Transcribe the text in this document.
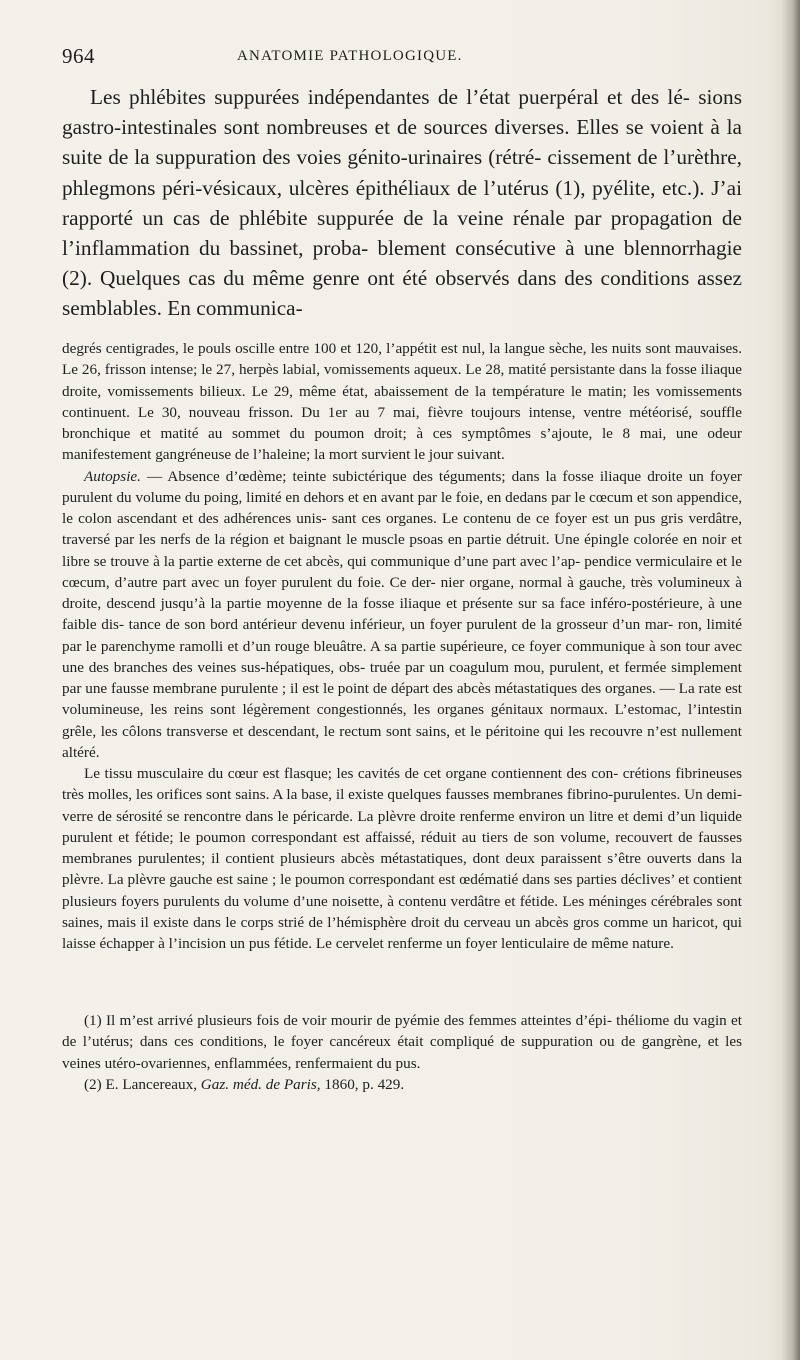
964	ANATOMIE PATHOLOGIQUE.

Les phlébites suppurées indépendantes de l’état puerpéral et des lé- sions gastro-intestinales sont nombreuses et de sources diverses. Elles se voient à la suite de la suppuration des voies génito-urinaires (rétré- cissement de l’urèthre, phlegmons péri-vésicaux, ulcères épithéliaux de l’utérus (1), pyélite, etc.). J’ai rapporté un cas de phlébite suppurée de la veine rénale par propagation de l’inflammation du bassinet, proba- blement consécutive à une blennorrhagie (2). Quelques cas du même genre ont été observés dans des conditions assez semblables. En communica-

degrés centigrades, le pouls oscille entre 100 et 120, l’appétit est nul, la langue sèche, les nuits sont mauvaises. Le 26, frisson intense; le 27, herpès labial, vomissements aqueux. Le 28, matité persistante dans la fosse iliaque droite, vomissements bilieux. Le 29, même état, abaissement de la température le matin; les vomissements continuent. Le 30, nouveau frisson. Du 1er au 7 mai, fièvre toujours intense, ventre météorisé, souffle bronchique et matité au sommet du poumon droit; à ces symptômes s’ajoute, le 8 mai, une odeur manifestement gangréneuse de l’haleine; la mort survient le jour suivant.

Autopsie. — Absence d’œdème; teinte subictérique des téguments; dans la fosse iliaque droite un foyer purulent du volume du poing, limité en dehors et en avant par le foie, en dedans par le cœcum et son appendice, le colon ascendant et des adhérences unis- sant ces organes. Le contenu de ce foyer est un pus gris verdâtre, traversé par les nerfs de la région et baignant le muscle psoas en partie détruit. Une épingle colorée en noir et libre se trouve à la partie externe de cet abcès, qui communique d’une part avec l’ap- pendice vermiculaire et le cœcum, d’autre part avec un foyer purulent du foie. Ce der- nier organe, normal à gauche, très volumineux à droite, descend jusqu’à la partie moyenne de la fosse iliaque et présente sur sa face inféro-postérieure, à une faible dis- tance de son bord antérieur devenu inférieur, un foyer purulent de la grosseur d’un mar- ron, limité par le parenchyme ramolli et d’un rouge bleuâtre. A sa partie supérieure, ce foyer communique à son tour avec une des branches des veines sus-hépatiques, obs- truée par un coagulum mou, purulent, et fermée simplement par une fausse membrane purulente ; il est le point de départ des abcès métastatiques des organes. — La rate est volumineuse, les reins sont légèrement congestionnés, les organes génitaux normaux. L’estomac, l’intestin grêle, les côlons transverse et descendant, le rectum sont sains, et le péritoine qui les recouvre n’est nullement altéré.

Le tissu musculaire du cœur est flasque; les cavités de cet organe contiennent des con- crétions fibrineuses très molles, les orifices sont sains. A la base, il existe quelques fausses membranes fibrino-purulentes. Un demi-verre de sérosité se rencontre dans le péricarde. La plèvre droite renferme environ un litre et demi d’un liquide purulent et fétide; le poumon correspondant est affaissé, réduit au tiers de son volume, recouvert de fausses membranes purulentes; il contient plusieurs abcès métastatiques, dont deux paraissent s’être ouverts dans la plèvre. La plèvre gauche est saine ; le poumon correspondant est œdématié dans ses parties déclives’ et contient plusieurs foyers purulents du volume d’une noisette, à contenu verdâtre et fétide. Les méninges cérébrales sont saines, mais il existe dans le corps strié de l’hémisphère droit du cerveau un abcès gros comme un haricot, qui laisse échapper à l’incision un pus fétide. Le cervelet renferme un foyer lenticulaire de même nature.

(1) Il m’est arrivé plusieurs fois de voir mourir de pyémie des femmes atteintes d’épi- théliome du vagin et de l’utérus; dans ces conditions, le foyer cancéreux était compliqué de suppuration ou de gangrène, et les veines utéro-ovariennes, enflammées, renfermaient du pus.

(2) E. Lancereaux, Gaz. méd. de Paris, 1860, p. 429.
